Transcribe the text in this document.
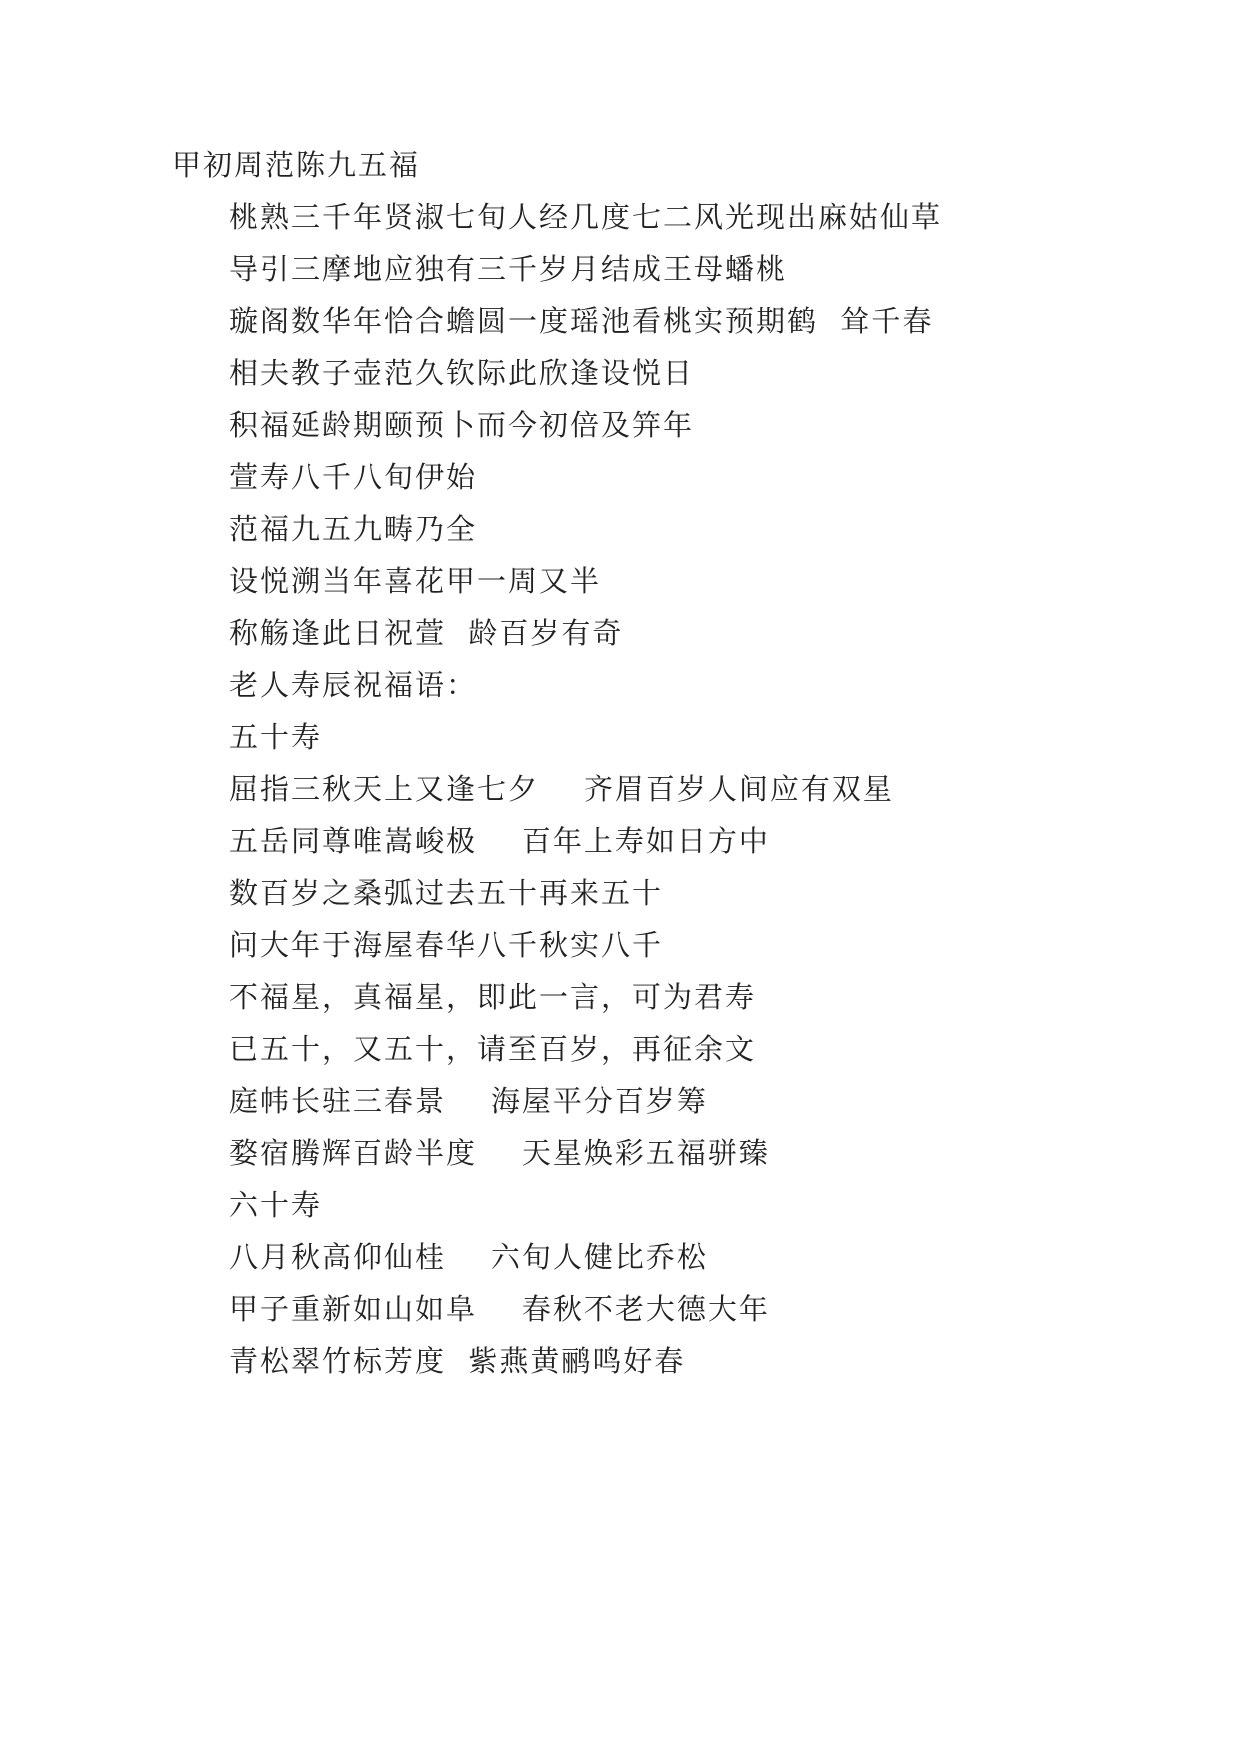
甲初周范陈九五福
桃熟三千年贤淑七旬人经几度七二风光现出麻姑仙草
导引三摩地应独有三千岁月结成王母蟠桃
璇阁数华年恰合蟾圆一度瑶池看桃实预期鹤  耸千春
相夫教子壶范久钦际此欣逢设悦日
积福延龄期颐预卜而今初倍及笄年
萱寿八千八旬伊始
范福九五九畴乃全
设悦溯当年喜花甲一周又半
称觞逢此日祝萱  龄百岁有奇
老人寿辰祝福语：
五十寿
屈指三秋天上又逢七夕    齐眉百岁人间应有双星
五岳同尊唯嵩峻极    百年上寿如日方中
数百岁之桑弧过去五十再来五十
问大年于海屋春华八千秋实八千
不福星，真福星，即此一言，可为君寿
已五十，又五十，请至百岁，再征余文
庭帏长驻三春景    海屋平分百岁筹
婺宿腾辉百龄半度    天星焕彩五福骈臻
六十寿
八月秋高仰仙桂    六旬人健比乔松
甲子重新如山如阜    春秋不老大德大年
青松翠竹标芳度  紫燕黄鹂鸣好春
